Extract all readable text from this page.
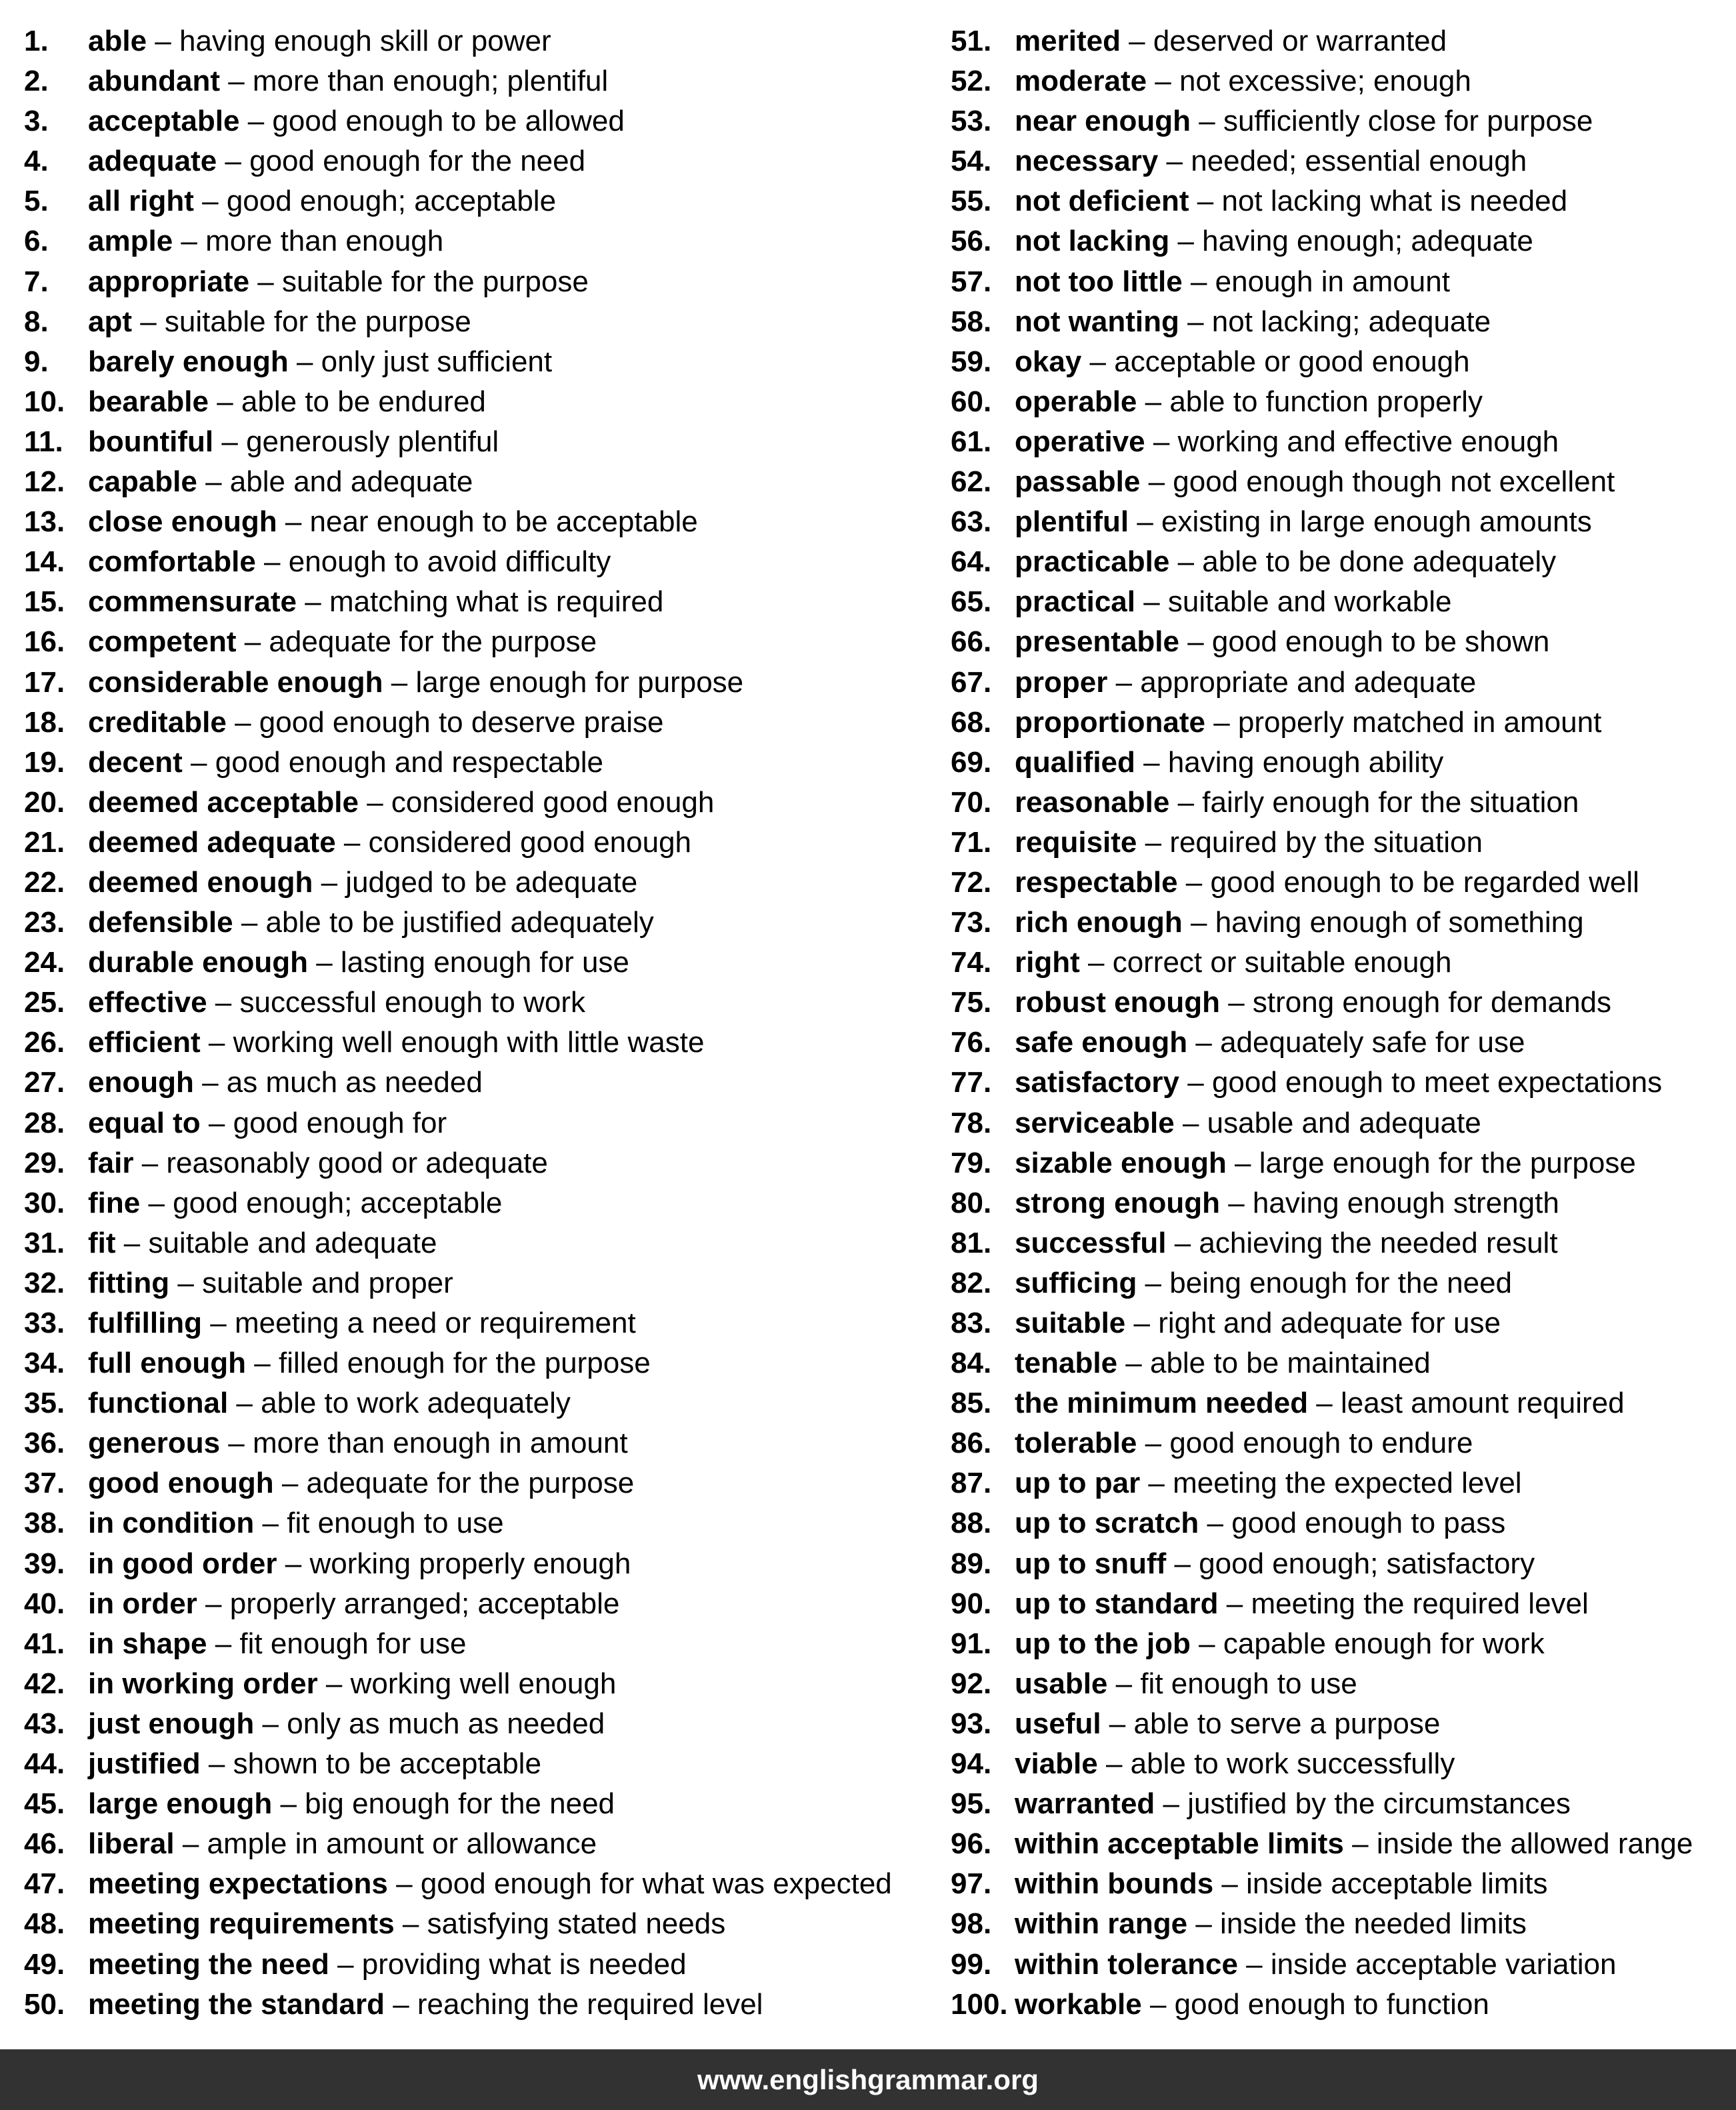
1. able – having enough skill or power
2. abundant – more than enough; plentiful
3. acceptable – good enough to be allowed
4. adequate – good enough for the need
5. all right – good enough; acceptable
6. ample – more than enough
7. appropriate – suitable for the purpose
8. apt – suitable for the purpose
9. barely enough – only just sufficient
10. bearable – able to be endured
11. bountiful – generously plentiful
12. capable – able and adequate
13. close enough – near enough to be acceptable
14. comfortable – enough to avoid difficulty
15. commensurate – matching what is required
16. competent – adequate for the purpose
17. considerable enough – large enough for purpose
18. creditable – good enough to deserve praise
19. decent – good enough and respectable
20. deemed acceptable – considered good enough
21. deemed adequate – considered good enough
22. deemed enough – judged to be adequate
23. defensible – able to be justified adequately
24. durable enough – lasting enough for use
25. effective – successful enough to work
26. efficient – working well enough with little waste
27. enough – as much as needed
28. equal to – good enough for
29. fair – reasonably good or adequate
30. fine – good enough; acceptable
31. fit – suitable and adequate
32. fitting – suitable and proper
33. fulfilling – meeting a need or requirement
34. full enough – filled enough for the purpose
35. functional – able to work adequately
36. generous – more than enough in amount
37. good enough – adequate for the purpose
38. in condition – fit enough to use
39. in good order – working properly enough
40. in order – properly arranged; acceptable
41. in shape – fit enough for use
42. in working order – working well enough
43. just enough – only as much as needed
44. justified – shown to be acceptable
45. large enough – big enough for the need
46. liberal – ample in amount or allowance
47. meeting expectations – good enough for what was expected
48. meeting requirements – satisfying stated needs
49. meeting the need – providing what is needed
50. meeting the standard – reaching the required level
51. merited – deserved or warranted
52. moderate – not excessive; enough
53. near enough – sufficiently close for purpose
54. necessary – needed; essential enough
55. not deficient – not lacking what is needed
56. not lacking – having enough; adequate
57. not too little – enough in amount
58. not wanting – not lacking; adequate
59. okay – acceptable or good enough
60. operable – able to function properly
61. operative – working and effective enough
62. passable – good enough though not excellent
63. plentiful – existing in large enough amounts
64. practicable – able to be done adequately
65. practical – suitable and workable
66. presentable – good enough to be shown
67. proper – appropriate and adequate
68. proportionate – properly matched in amount
69. qualified – having enough ability
70. reasonable – fairly enough for the situation
71. requisite – required by the situation
72. respectable – good enough to be regarded well
73. rich enough – having enough of something
74. right – correct or suitable enough
75. robust enough – strong enough for demands
76. safe enough – adequately safe for use
77. satisfactory – good enough to meet expectations
78. serviceable – usable and adequate
79. sizable enough – large enough for the purpose
80. strong enough – having enough strength
81. successful – achieving the needed result
82. sufficing – being enough for the need
83. suitable – right and adequate for use
84. tenable – able to be maintained
85. the minimum needed – least amount required
86. tolerable – good enough to endure
87. up to par – meeting the expected level
88. up to scratch – good enough to pass
89. up to snuff – good enough; satisfactory
90. up to standard – meeting the required level
91. up to the job – capable enough for work
92. usable – fit enough to use
93. useful – able to serve a purpose
94. viable – able to work successfully
95. warranted – justified by the circumstances
96. within acceptable limits – inside the allowed range
97. within bounds – inside acceptable limits
98. within range – inside the needed limits
99. within tolerance – inside acceptable variation
100. workable – good enough to function
www.englishgrammar.org
